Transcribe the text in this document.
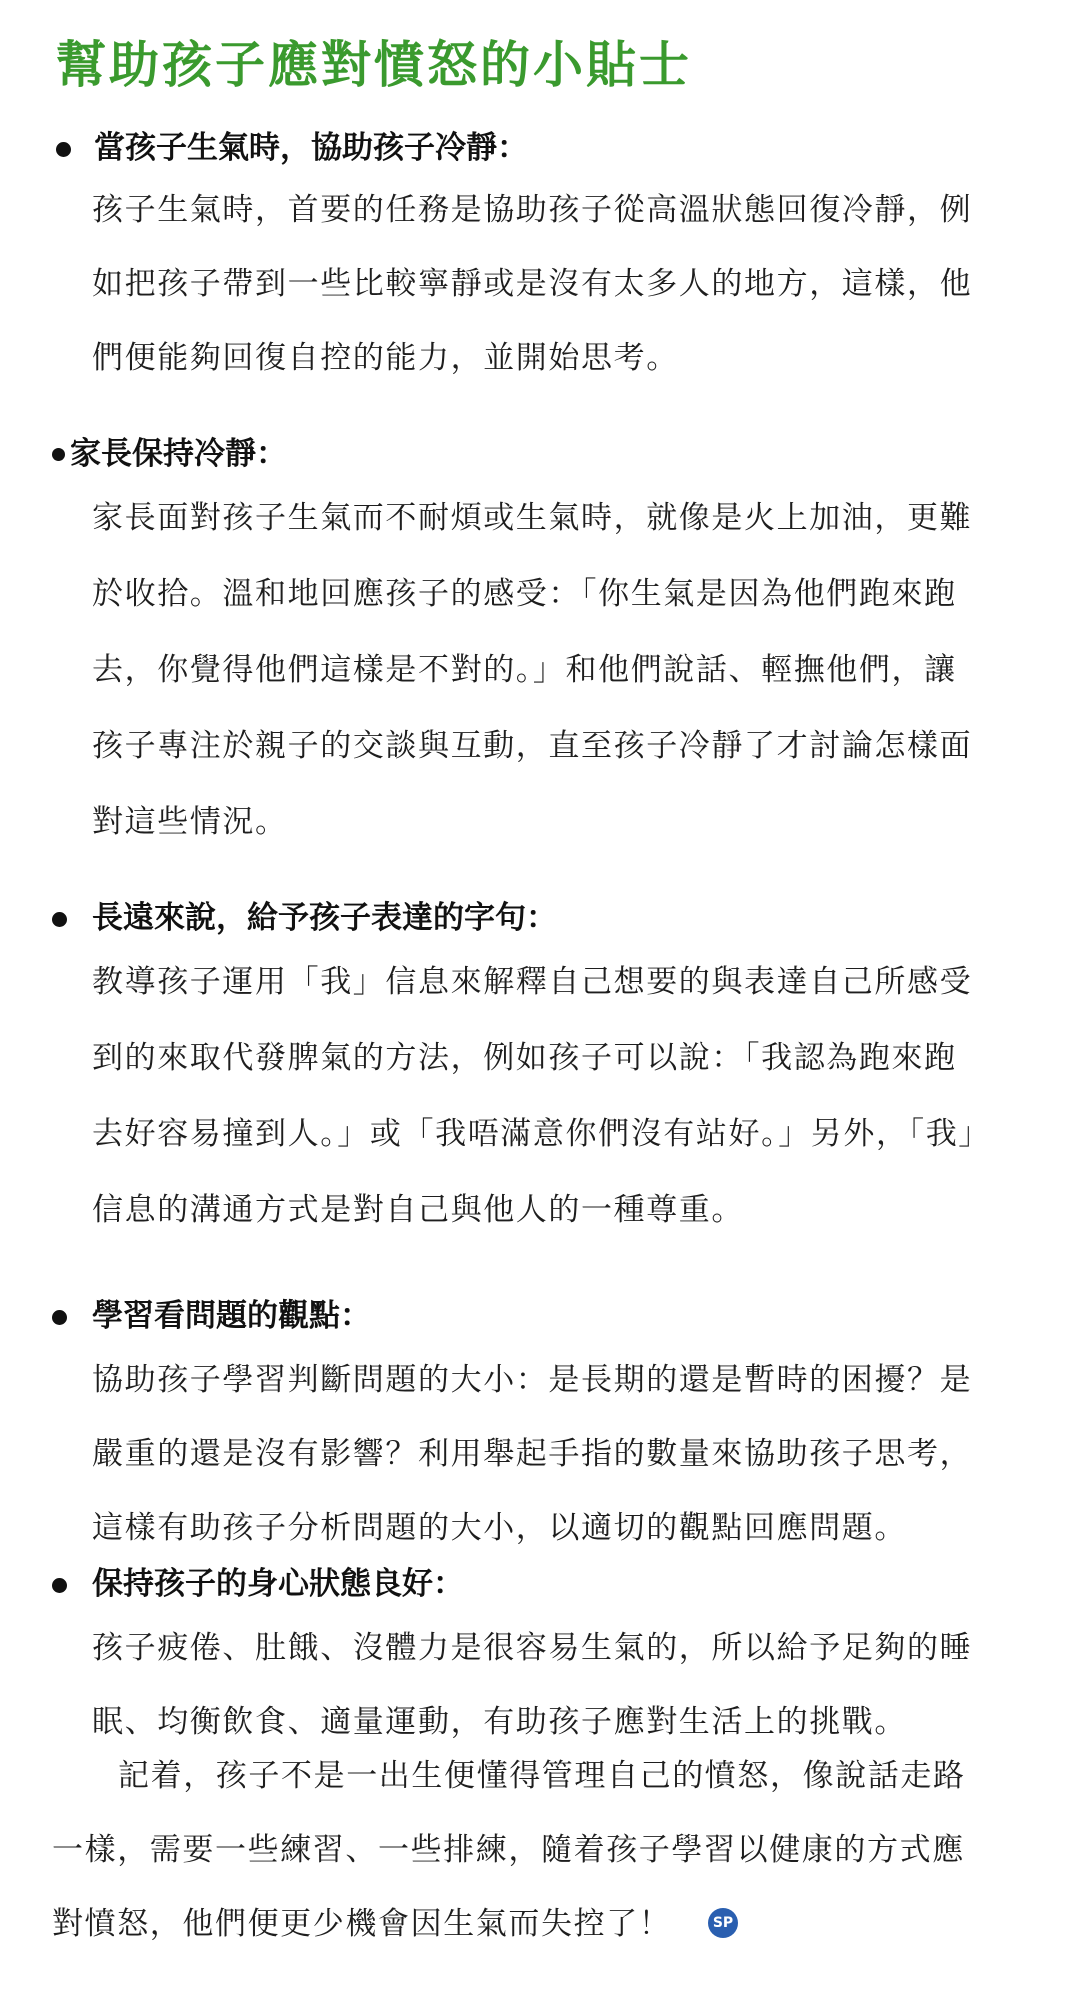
幫助孩子應對憤怒的小貼士
當孩子生氣時，協助孩子冷靜：
孩子生氣時，首要的任務是協助孩子從高溫狀態回復冷靜，例
如把孩子帶到一些比較寧靜或是沒有太多人的地方，這樣，他
們便能夠回復自控的能力，並開始思考。
家長保持冷靜：
家長面對孩子生氣而不耐煩或生氣時，就像是火上加油，更難
於收拾。溫和地回應孩子的感受：「你生氣是因為他們跑來跑
去，你覺得他們這樣是不對的。」和他們說話、輕撫他們，讓
孩子專注於親子的交談與互動，直至孩子冷靜了才討論怎樣面
對這些情況。
長遠來說，給予孩子表達的字句：
教導孩子運用「我」信息來解釋自己想要的與表達自己所感受
到的來取代發脾氣的方法，例如孩子可以說：「我認為跑來跑
去好容易撞到人。」或「我唔滿意你們沒有站好。」另外，「我」
信息的溝通方式是對自己與他人的一種尊重。
學習看問題的觀點：
協助孩子學習判斷問題的大小：是長期的還是暫時的困擾？是
嚴重的還是沒有影響？利用舉起手指的數量來協助孩子思考，
這樣有助孩子分析問題的大小，以適切的觀點回應問題。
保持孩子的身心狀態良好：
孩子疲倦、肚餓、沒體力是很容易生氣的，所以給予足夠的睡
眠、均衡飲食、適量運動，有助孩子應對生活上的挑戰。
記着，孩子不是一出生便懂得管理自己的憤怒，像說話走路
一樣，需要一些練習、一些排練，隨着孩子學習以健康的方式應
對憤怒，他們便更少機會因生氣而失控了！	SP
